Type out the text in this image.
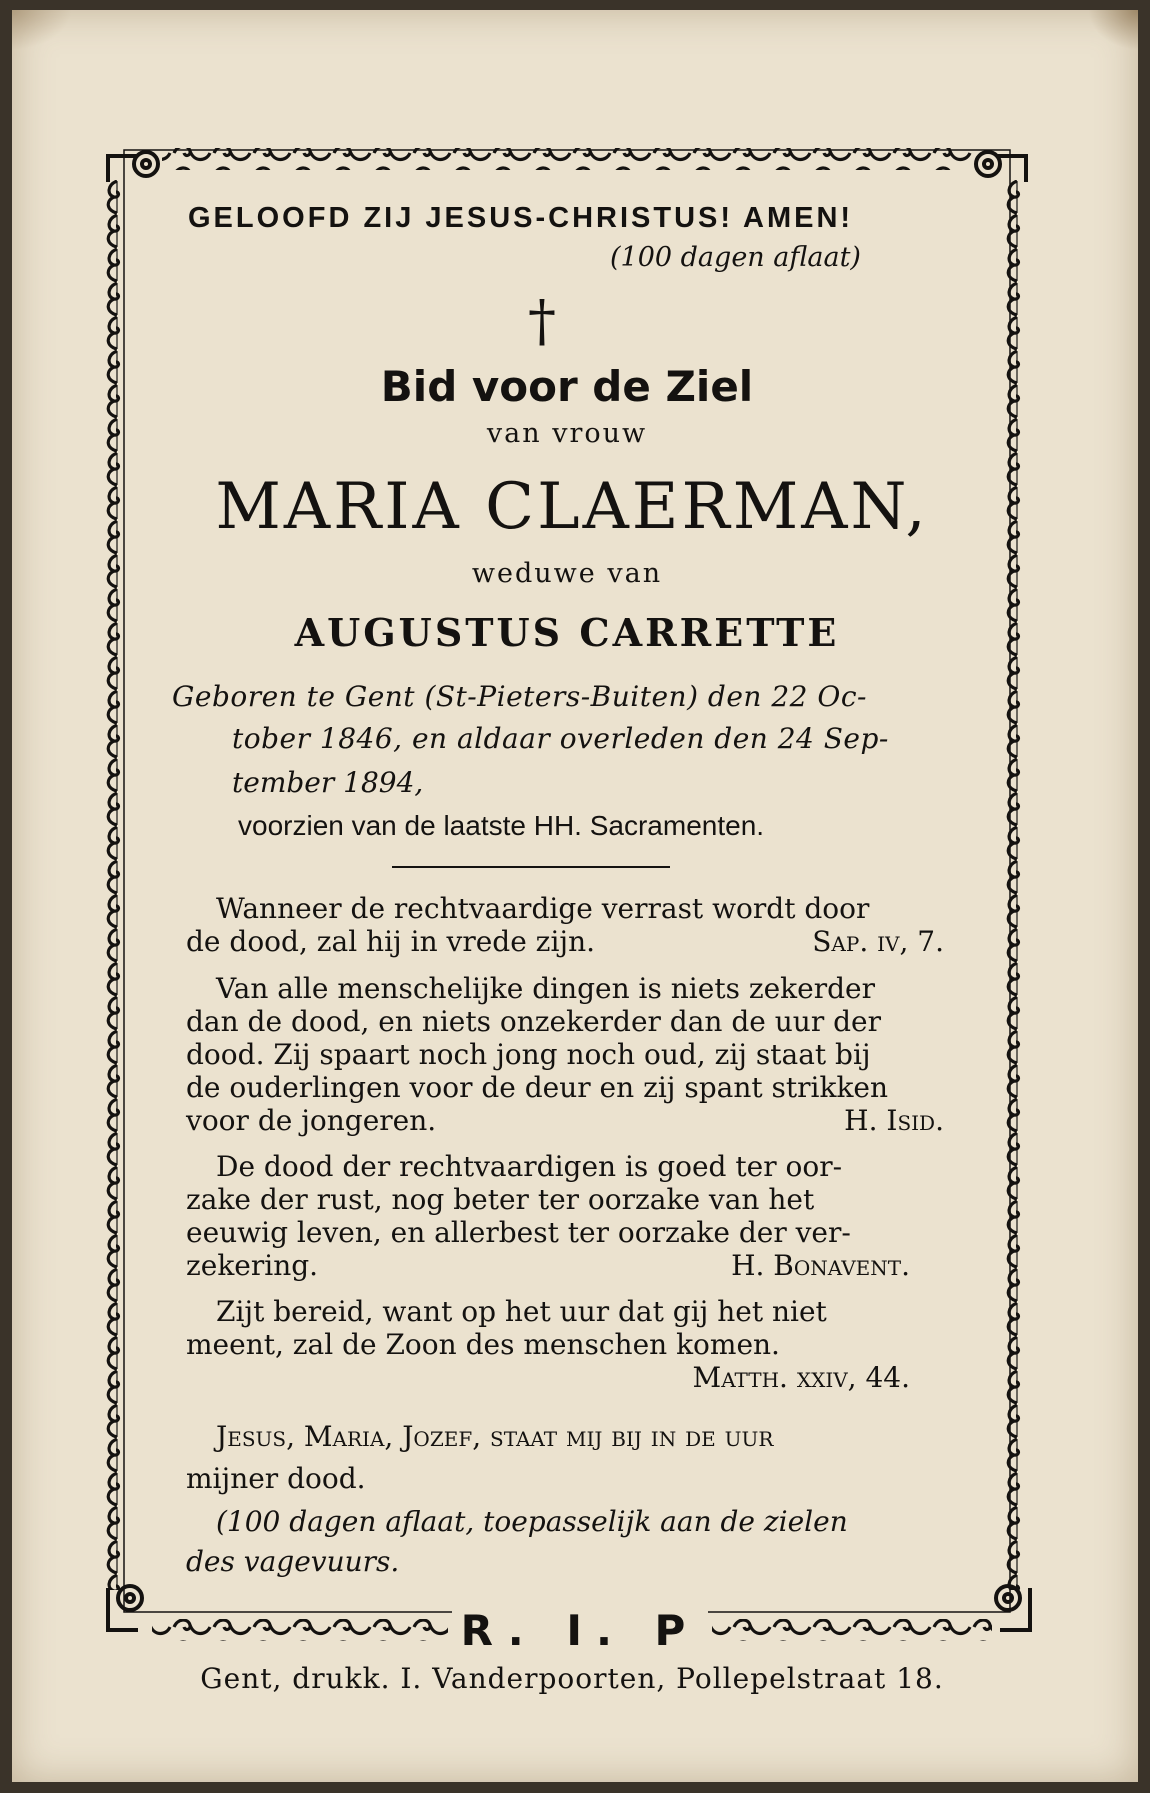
GELOOFD ZIJ JESUS-CHRISTUS! AMEN!

(100 dagen aflaat)

†

Bid voor de Ziel

van vrouw

MARIA CLAERMAN,

weduwe van

AUGUSTUS CARRETTE

Geboren te Gent (St-Pieters-Buiten) den 22 Oc-

tober 1846, en aldaar overleden den 24 Sep-

tember 1894,

voorzien van de laatste HH. Sacramenten.

Wanneer de rechtvaardige verrast wordt door
de dood, zal hij in vrede zijn.	Sap. iv, 7.
Van alle menschelijke dingen is niets zekerder
dan de dood, en niets onzekerder dan de uur der
dood. Zij spaart noch jong noch oud, zij staat bij
de ouderlingen voor de deur en zij spant strikken
voor de jongeren.	H. Isid.
De dood der rechtvaardigen is goed ter oor-
zake der rust, nog beter ter oorzake van het
eeuwig leven, en allerbest ter oorzake der ver-
zekering.	H. Bonavent.
Zijt bereid, want op het uur dat gij het niet
meent, zal de Zoon des menschen komen.
Matth. xxiv, 44.
Jesus, Maria, Jozef, staat mij bij in de uur
mijner dood.
(100 dagen aflaat, toepasselijk aan de zielen
des vagevuurs.

R. I. P

Gent, drukk. I. Vanderpoorten, Pollepelstraat 18.
